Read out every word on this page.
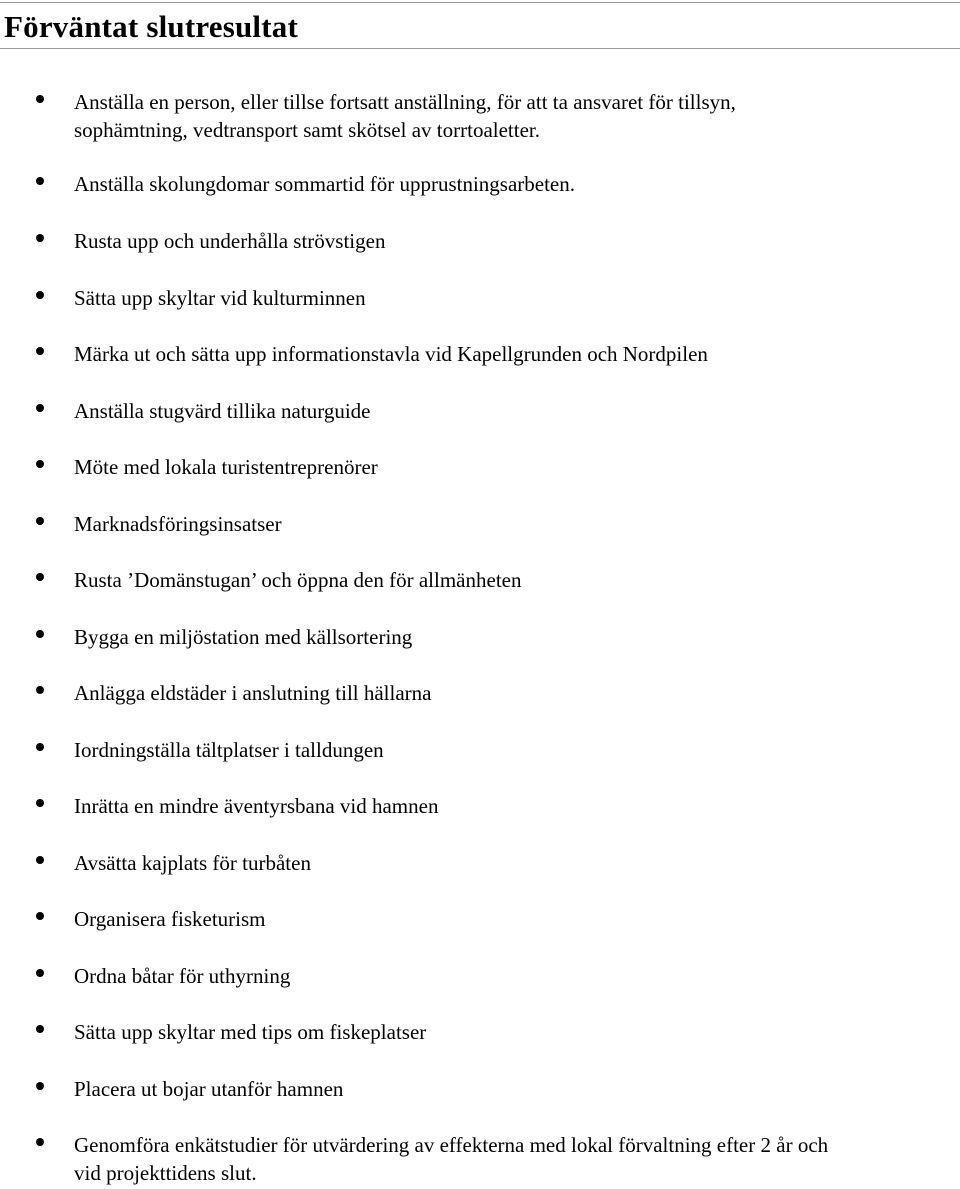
Förväntat slutresultat
Anställa en person, eller tillse fortsatt anställning, för att ta ansvaret för tillsyn,
sophämtning, vedtransport samt skötsel av torrtoaletter.
Anställa skolungdomar sommartid för upprustningsarbeten.
Rusta upp och underhålla strövstigen
Sätta upp skyltar vid kulturminnen
Märka ut och sätta upp informationstavla vid Kapellgrunden och Nordpilen
Anställa stugvärd tillika naturguide
Möte med lokala turistentreprenörer
Marknadsföringsinsatser
Rusta ’Domänstugan’ och öppna den för allmänheten
Bygga en miljöstation med källsortering
Anlägga eldstäder i anslutning till hällarna
Iordningställa tältplatser i talldungen
Inrätta en mindre äventyrsbana vid hamnen
Avsätta kajplats för turbåten
Organisera fisketurism
Ordna båtar för uthyrning
Sätta upp skyltar med tips om fiskeplatser
Placera ut bojar utanför hamnen
Genomföra enkätstudier för utvärdering av effekterna med lokal förvaltning efter 2 år och
vid projekttidens slut.
